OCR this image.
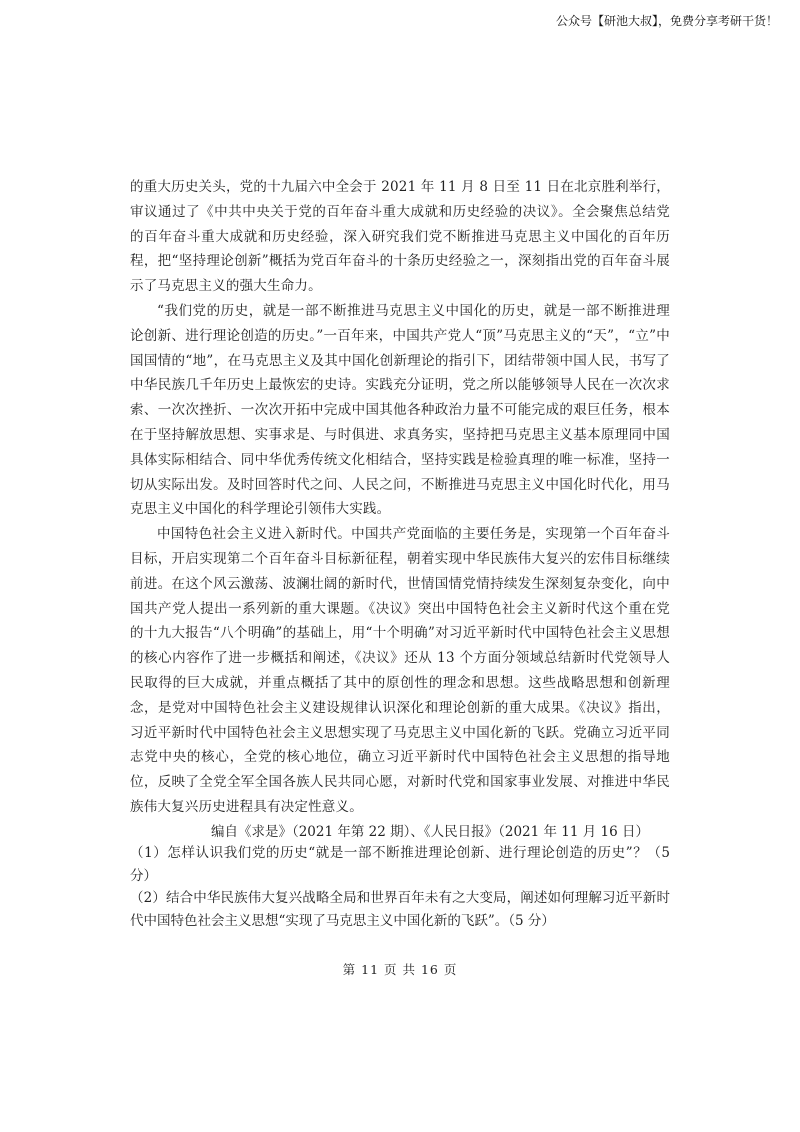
公众号【研池大叔】，免费分享考研干货！

的重大历史关头，党的十九届六中全会于 2021 年 11 月 8 日至 11 日在北京胜利举行，审议通过了《中共中央关于党的百年奋斗重大成就和历史经验的决议》。全会聚焦总结党的百年奋斗重大成就和历史经验，深入研究我们党不断推进马克思主义中国化的百年历程，把“坚持理论创新”概括为党百年奋斗的十条历史经验之一，深刻指出党的百年奋斗展示了马克思主义的强大生命力。

“我们党的历史，就是一部不断推进马克思主义中国化的历史，就是一部不断推进理论创新、进行理论创造的历史。”一百年来，中国共产党人“顶”马克思主义的“天”，“立”中国国情的“地”，在马克思主义及其中国化创新理论的指引下，团结带领中国人民，书写了中华民族几千年历史上最恢宏的史诗。实践充分证明，党之所以能够领导人民在一次次求索、一次次挫折、一次次开拓中完成中国其他各种政治力量不可能完成的艰巨任务，根本在于坚持解放思想、实事求是、与时俱进、求真务实，坚持把马克思主义基本原理同中国具体实际相结合、同中华优秀传统文化相结合，坚持实践是检验真理的唯一标准，坚持一切从实际出发。及时回答时代之问、人民之问，不断推进马克思主义中国化时代化，用马克思主义中国化的科学理论引领伟大实践。

中国特色社会主义进入新时代。中国共产党面临的主要任务是，实现第一个百年奋斗目标，开启实现第二个百年奋斗目标新征程，朝着实现中华民族伟大复兴的宏伟目标继续前进。在这个风云激荡、波澜壮阔的新时代，世情国情党情持续发生深刻复杂变化，向中国共产党人提出一系列新的重大课题。《决议》突出中国特色社会主义新时代这个重在党的十九大报告“八个明确”的基础上，用“十个明确”对习近平新时代中国特色社会主义思想的核心内容作了进一步概括和阐述，《决议》还从 13 个方面分领域总结新时代党领导人民取得的巨大成就，并重点概括了其中的原创性的理念和思想。这些战略思想和创新理念，是党对中国特色社会主义建设规律认识深化和理论创新的重大成果。《决议》指出，习近平新时代中国特色社会主义思想实现了马克思主义中国化新的飞跃。党确立习近平同志党中央的核心，全党的核心地位，确立习近平新时代中国特色社会主义思想的指导地位，反映了全党全军全国各族人民共同心愿，对新时代党和国家事业发展、对推进中华民族伟大复兴历史进程具有决定性意义。

编自《求是》（2021 年第 22 期）、《人民日报》（2021 年 11 月 16 日）

（1）怎样认识我们党的历史“就是一部不断推进理论创新、进行理论创造的历史”？（5 分）

（2）结合中华民族伟大复兴战略全局和世界百年未有之大变局，阐述如何理解习近平新时代中国特色社会主义思想“实现了马克思主义中国化新的飞跃”。（5 分）

第 11 页 共 16 页
